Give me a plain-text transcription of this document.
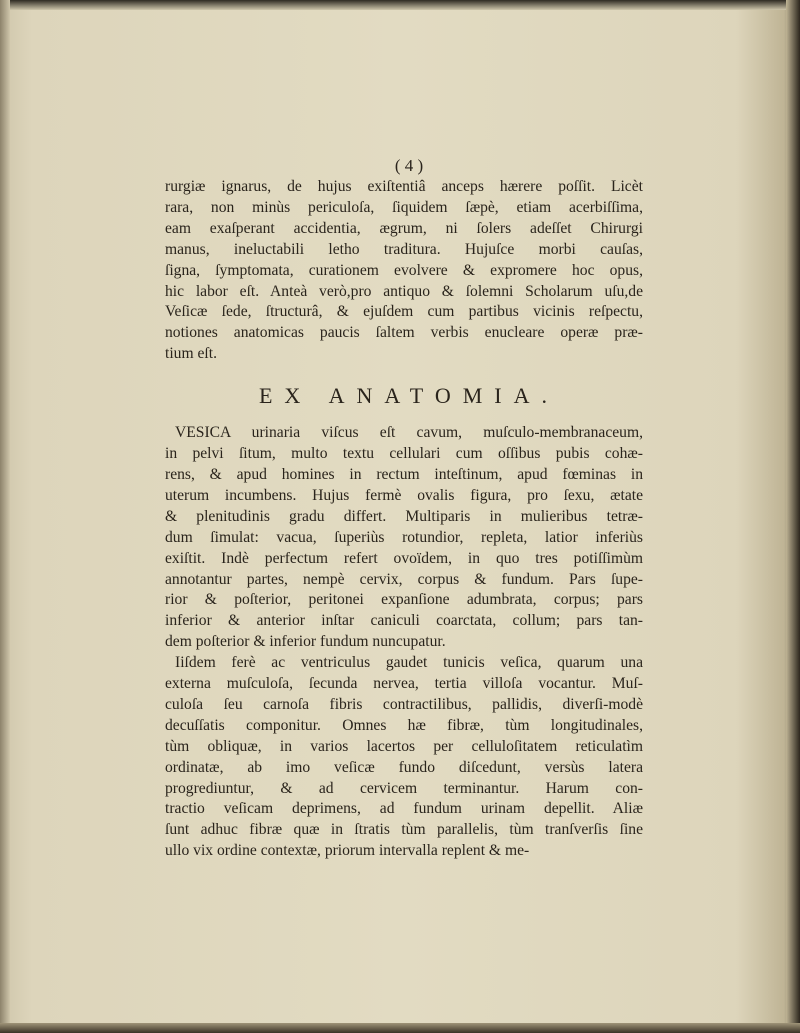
( 4 )
rurgiæ ignarus, de hujus exiſtentiâ anceps hærere poſſit. Licèt
rara, non minùs periculoſa, ſiquidem ſæpè, etiam acerbiſſima,
eam exaſperant accidentia, ægrum, ni ſolers adeſſet Chirurgi
manus, ineluctabili letho traditura. Hujuſce morbi cauſas,
ſigna, ſymptomata, curationem evolvere & expromere hoc opus,
hic labor eſt. Anteà verò,pro antiquo & ſolemni Scholarum uſu,de
Veſicæ ſede, ſtructurâ, & ejuſdem cum partibus vicinis reſpectu,
notiones anatomicas paucis ſaltem verbis enucleare operæ præ-
tium eſt.
EX ANATOMIA.
VESICA urinaria viſcus eſt cavum, muſculo-membranaceum,
in pelvi ſitum, multo textu cellulari cum oſſibus pubis cohæ-
rens, & apud homines in rectum inteſtinum, apud fœminas in
uterum incumbens. Hujus fermè ovalis figura, pro ſexu, ætate
& plenitudinis gradu differt. Multiparis in mulieribus tetræ-
dum ſimulat: vacua, ſuperiùs rotundior, repleta, latior inferiùs
exiſtit. Indè perfectum refert ovoïdem, in quo tres potiſſimùm
annotantur partes, nempè cervix, corpus & fundum. Pars ſupe-
rior & poſterior, peritonei expanſione adumbrata, corpus; pars
inferior & anterior inſtar caniculi coarctata, collum; pars tan-
dem poſterior & inferior fundum nuncupatur.
Iiſdem ferè ac ventriculus gaudet tunicis veſica, quarum una
externa muſculoſa, ſecunda nervea, tertia villoſa vocantur. Muſ-
culoſa ſeu carnoſa fibris contractilibus, pallidis, diverſi-modè
decuſſatis componitur. Omnes hæ fibræ, tùm longitudinales,
tùm obliquæ, in varios lacertos per celluloſitatem reticulatìm
ordinatæ, ab imo veſicæ fundo diſcedunt, versùs latera
progrediuntur, & ad cervicem terminantur. Harum con-
tractio veſicam deprimens, ad fundum urinam depellit. Aliæ
ſunt adhuc fibræ quæ in ſtratis tùm parallelis, tùm tranſverſis ſine
ullo vix ordine contextæ, priorum intervalla replent & me-
